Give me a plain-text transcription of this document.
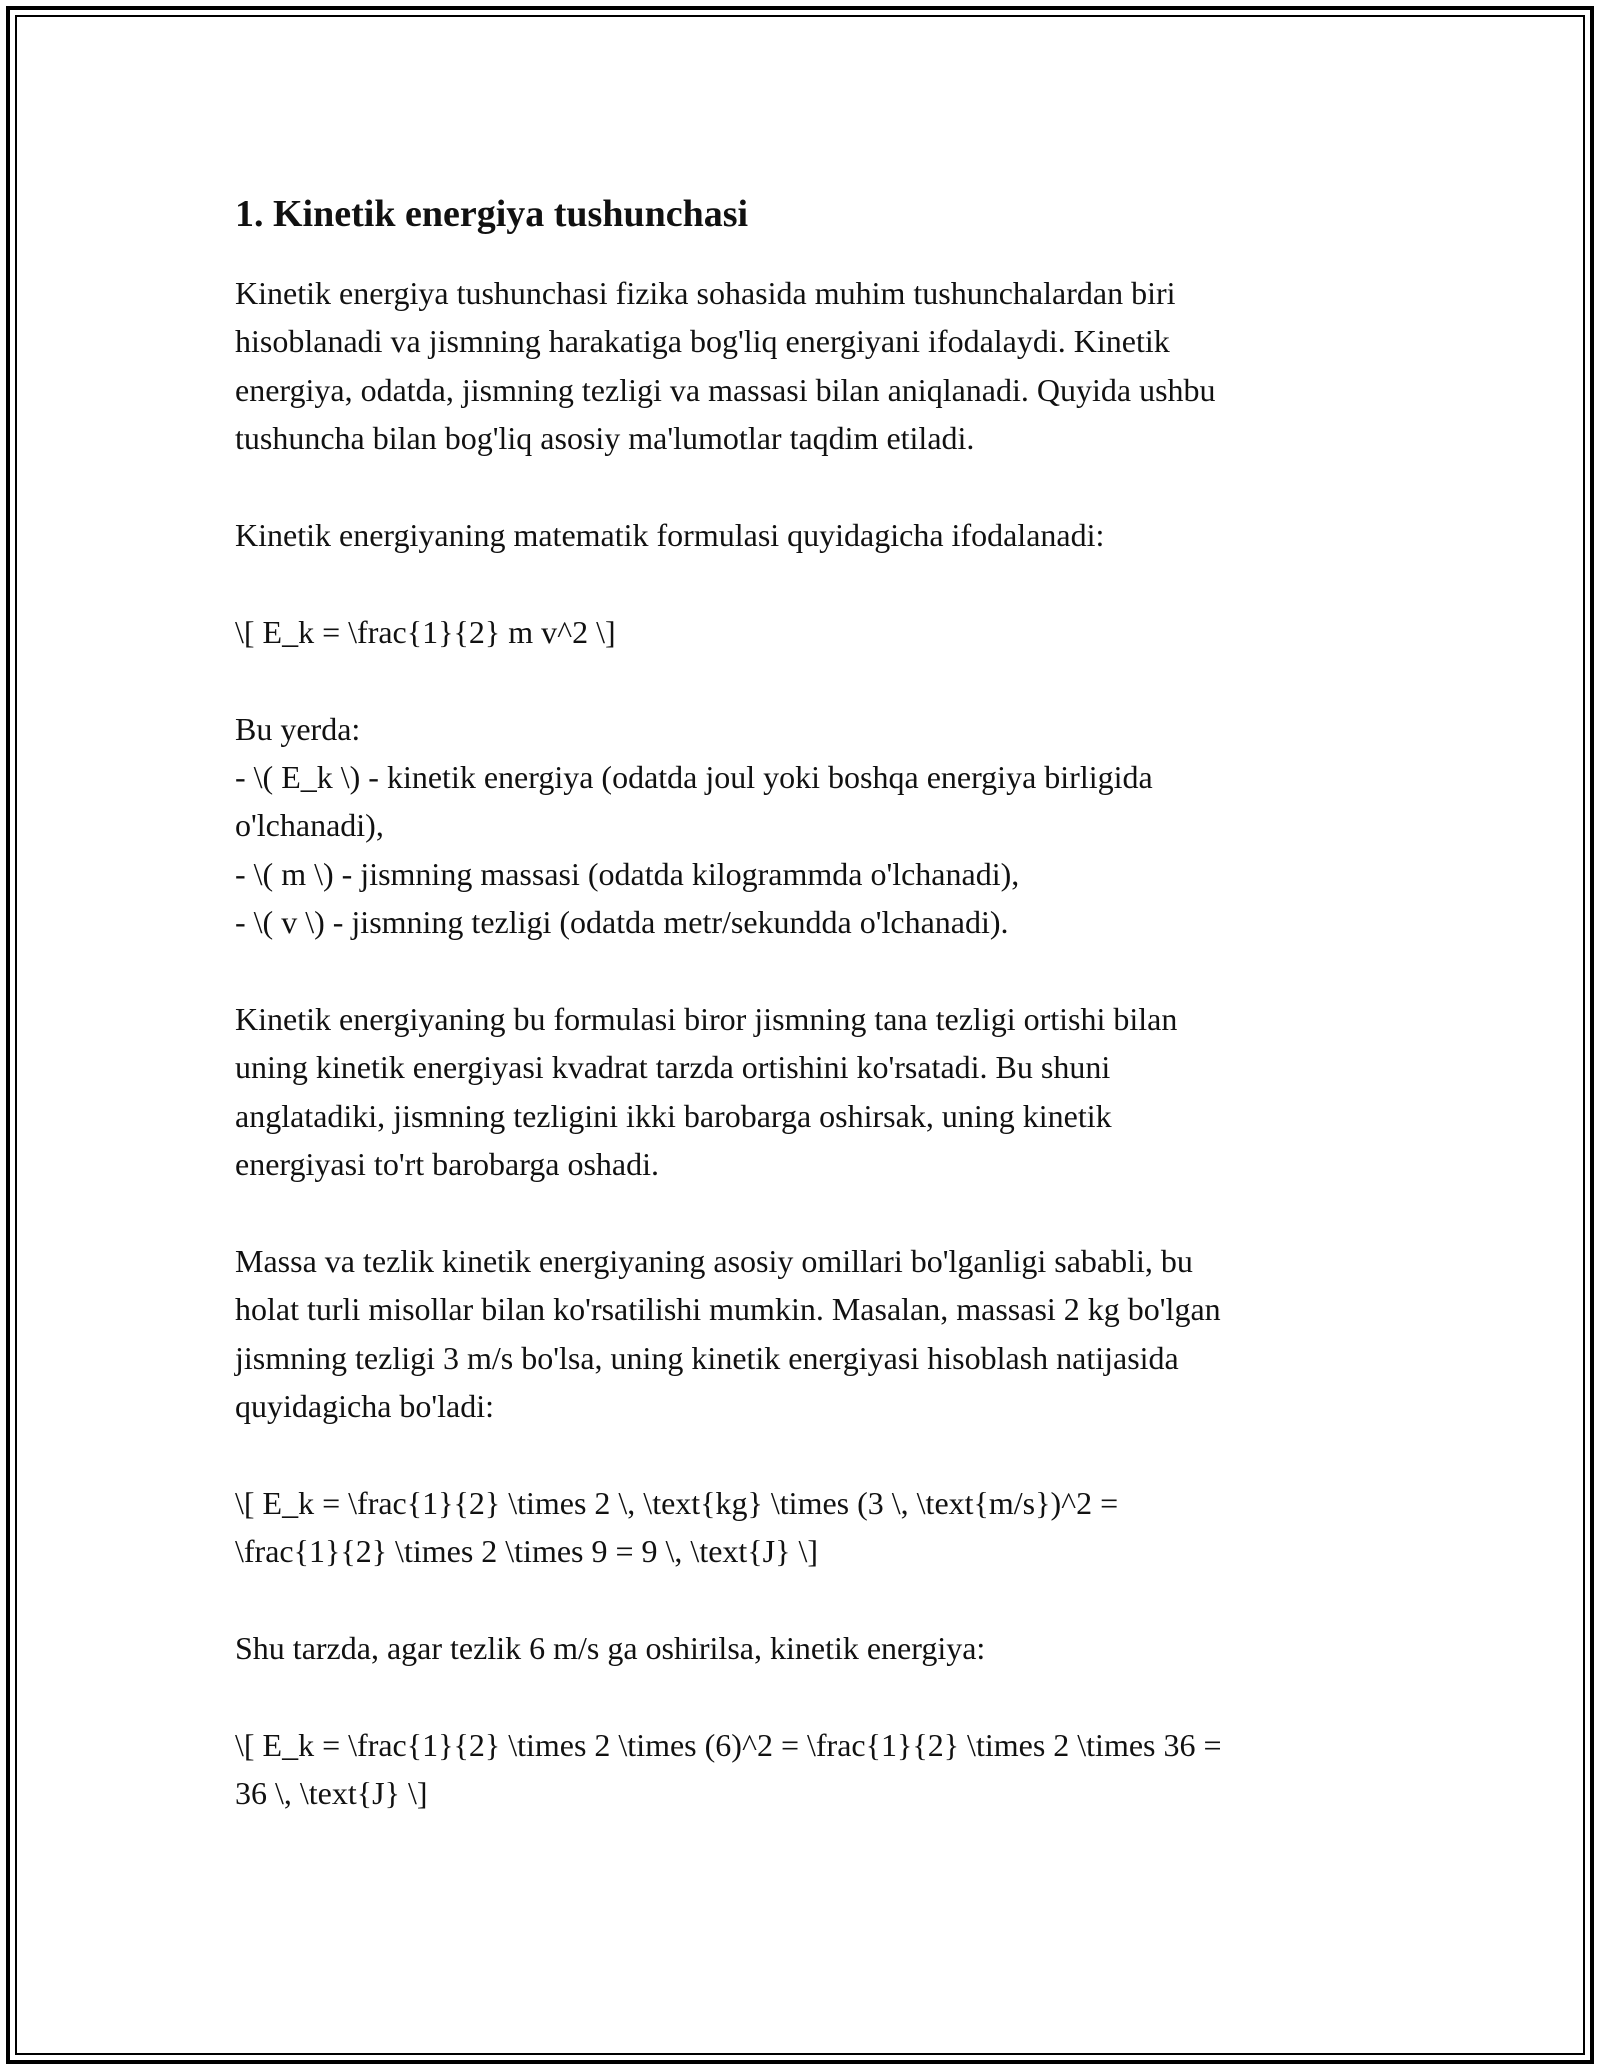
1. Kinetik energiya tushunchasi

Kinetik energiya tushunchasi fizika sohasida muhim tushunchalardan biri
hisoblanadi va jismning harakatiga bog'liq energiyani ifodalaydi. Kinetik
energiya, odatda, jismning tezligi va massasi bilan aniqlanadi. Quyida ushbu
tushuncha bilan bog'liq asosiy ma'lumotlar taqdim etiladi.

Kinetik energiyaning matematik formulasi quyidagicha ifodalanadi:

\[ E_k = \frac{1}{2} m v^2 \]

Bu yerda:
- \( E_k \) - kinetik energiya (odatda joul yoki boshqa energiya birligida
o'lchanadi),
- \( m \) - jismning massasi (odatda kilogrammda o'lchanadi),
- \( v \) - jismning tezligi (odatda metr/sekundda o'lchanadi).

Kinetik energiyaning bu formulasi biror jismning tana tezligi ortishi bilan
uning kinetik energiyasi kvadrat tarzda ortishini ko'rsatadi. Bu shuni
anglatadiki, jismning tezligini ikki barobarga oshirsak, uning kinetik
energiyasi to'rt barobarga oshadi.

Massa va tezlik kinetik energiyaning asosiy omillari bo'lganligi sababli, bu
holat turli misollar bilan ko'rsatilishi mumkin. Masalan, massasi 2 kg bo'lgan
jismning tezligi 3 m/s bo'lsa, uning kinetik energiyasi hisoblash natijasida
quyidagicha bo'ladi:

\[ E_k = \frac{1}{2} \times 2 \, \text{kg} \times (3 \, \text{m/s})^2 =
\frac{1}{2} \times 2 \times 9 = 9 \, \text{J} \]

Shu tarzda, agar tezlik 6 m/s ga oshirilsa, kinetik energiya:

\[ E_k = \frac{1}{2} \times 2 \times (6)^2 = \frac{1}{2} \times 2 \times 36 =
36 \, \text{J} \]
